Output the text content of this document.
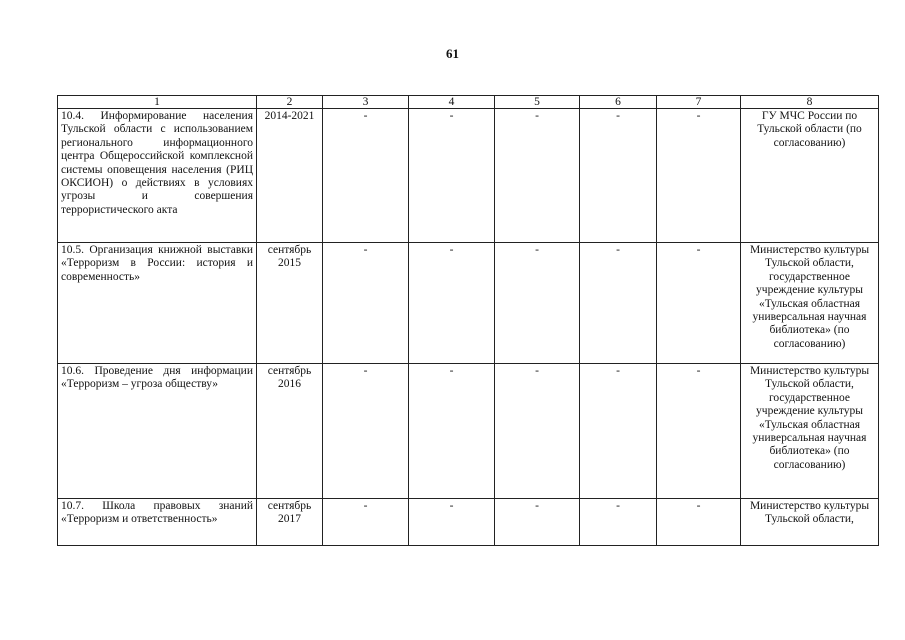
61
1	2	3	4	5	6	7	8
10.4. Информирование населения Тульской области с использованием регионального информационного центра Общероссийской комплексной системы оповещения населения (РИЦ ОКСИОН) о действиях в условиях угрозы и совершения террористического акта	2014-2021	-	-	-	-	-	ГУ МЧС России по Тульской области (по согласованию)
10.5. Организация книжной выставки «Терроризм в России: история и современность»	сентябрь 2015	-	-	-	-	-	Министерство культуры Тульской области, государственное учреждение культуры «Тульская областная универсальная научная библиотека» (по согласованию)
10.6. Проведение дня информации «Терроризм – угроза обществу»	сентябрь 2016	-	-	-	-	-	Министерство культуры Тульской области, государственное учреждение культуры «Тульская областная универсальная научная библиотека» (по согласованию)
10.7. Школа правовых знаний «Терроризм и ответственность»	сентябрь 2017	-	-	-	-	-	Министерство культуры Тульской области,
